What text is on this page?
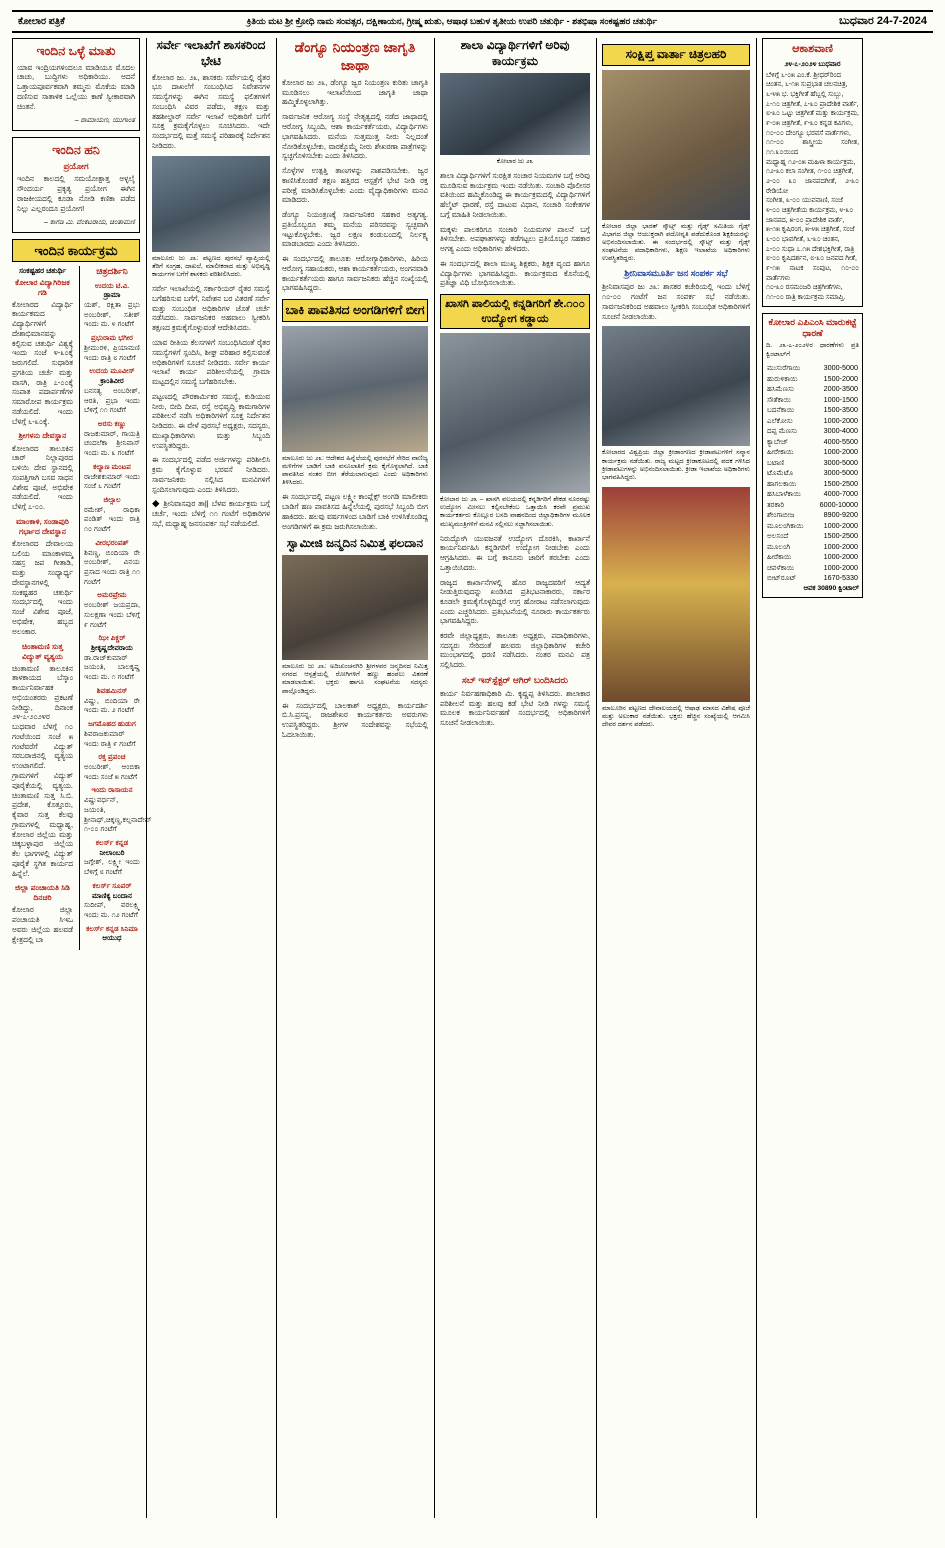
ಕೋಲಾರ ಪತ್ರಿಕೆ	ಕ್ರಿತಿಯ ಮಟ ಶ್ರೀ ಕ್ರೋಧಿ ನಾಮ ಸಂವತ್ಸರ, ದಕ್ಷಿಣಾಯನ, ಗ್ರೀಷ್ಮ ಋತು, ಆಷಾಢ ಬಹುಳ ತೃತೀಯ ಉಪರಿ ಚತುರ್ಥಿ - ಶತಭಿಷಾ ಸಂಕಷ್ಟಹರ ಚತುರ್ಥಿ	ಬುಧವಾರ 24-7-2024
ಇಂದಿನ ಒಳ್ಳೆ ಮಾತು

ಯಾವ ಇಂದ್ರಿಯಗಳಿಂದಲೂ ಮಾಡಿಯೂ ಮೊದಲ ಚಾಚು, ಬುದ್ಧಿಗಳು ಅಧಿಕಾರಿಯು. ಅದನೆ ಒತ್ತಾಯಪೂರ್ವಕವಾಗಿ ತಮ್ಮನು ಮೊಕೆಯ ಮಾಡಿ ದಣಿಸುವ ಸಾತಾಳಿಕ ಒಲ್ಲೆಯು ಕಾಣೆ ಸ್ವೀಕಾರವಾಗಿ ಚಿಂತನೆ.

– ರಾಮಾಯಣ, ಯುಗಾಂತ
ಇಂದಿನ ಹನಿ
ಪ್ರಯೋಗ

ಇಂದಿನ ಕಾಲದಲ್ಲಿ ಸಮಯೋತ್ಪಾತ್ತ ಅಳ್ಳಲೈ ಸೌಂದರ್ಯ ಪ್ರಕೃತ್ಯ ಪ್ರಯೋಗ ಈಗಿನ ರಾಜಕೀಯದಲ್ಲಿ ಕೂಡಾ ನೋಡಿ ಕಣಿಕಾ ಪಡೆದ ನಿಲ್ಲು ಎಲ್ಲರಂದೂ ಪ್ರಯೋಗ!

– ಕಾಗಡಿ ಮಿ. ವೆಂಕಟರಾಯ, ಚಿಂತಾಮಣಿ
ಇಂದಿನ ಕಾರ್ಯಕ್ರಮ
ಸಂಕಷ್ಟಹರ ಚತುರ್ಥಿ
ಕೋಲಾರ ವಿದ್ಯಾಗಿರಿಜಕ ಗಡಿ

ಕೋಲಾರದ ವಿದ್ಯಾರ್ಥಿ ಕಾರ್ಯಕಮದ ವಿದ್ಯಾರ್ಥಿಗಳಿಗೆ ದೇಶಾಭಿಮಾನವನ್ನು ಕಲ್ಪಿಸುವ ಚತುರ್ಥಿ ವಿಶ್ವಕ್ಕೆ ಇಂದು ಸಂಜೆ ೪-೩೦ಕ್ಕೆ ಜರುಗಲಿದೆ. ಸುಧಾರಿತ ಪ್ರಗತಿಯ ಚರ್ಚೆ ಮತ್ತು ವಾಸಗಿ, ರಾತ್ರಿ ೭-೦೦ಕ್ಕೆ ಸಂಪಾತ ಪದಾರ್ಪಣೆಗಳ ಸಮಾರೋಪ ಕಾರ್ಯಕ್ರಮ ನಡೆಯಲಿದೆ. ಇಂದು ಬೆಳಿಗ್ಗೆ ೬-೩೦ಕ್ಕೆ.

ಶ್ರೀಗಳನು ದೇವಸ್ಥಾನ

ಕೋಲಾರದ ತಾಲೂಕಿನ ಚಾರ್ ನಿಲ್ಲಾಪುರದ ಬಳಿಯಿ ದೇವ ಸ್ಥಾನದಲ್ಲಿ ಸಂಪತ್ತಿಗಾಗಿ ಬಸವ ಸಾಧನ ವಿಶೇಷ ಪೂಜೆ, ಅಭಿಷೇಕ ನಡೆಯಲಿದೆ. ಇಂದು ಬೆಳಿಗ್ಗೆ ೭-೦೦.

ಮಾಂಕಾಳಿ, ಸಂಡಾಪುರಿ ಗರ್ಭಾದ ದೇವಸ್ಥಾನ

ಕೋಲಾರದ ದೇವಾಲಯ ಬಲಿಯ ಮಾಂಕಾಳಮ್ಮ ಸಹಸ್ರ ಜಪ ಗೀತಾಡಿ, ಮತ್ತು ಸಂಧ್ಯಾರ್ಧ್ಯ ದೇವಸ್ಥಾನಗಳಲ್ಲಿ ಸಂಕಷ್ಟಹರ ಚತುರ್ಥಿ ಸಂದರ್ಭದಲ್ಲಿ ಇಂದು ಸಂಜೆ ವಿಶೇಷ ಪೂಜೆ, ಅಭಿಷೇಕ, ಹಬ್ಬದ ಅಲಂಕಾರ.

ಚಿಂತಾಮಣಿ ಸುತ್ತ ವಿದ್ಯುತ್ ವ್ಯತ್ಯಯ

ಚಿಂತಾಮಣಿ ತಾಲೂಕಿನ ತಾಳಕಾಯದ ಬೆಸ್ಕಾಂ ಕಾರ್ಯನಿರ್ವಾಹಕ ಅಭಿಯಂತರರು ಪ್ರಕಟಣೆ ನೀಡಿದ್ದು, ದಿನಾಂಕ ೨೪-೭-೨೦೨೪ರ ಬುಧವಾರ ಬೆಳಗ್ಗೆ ೧೦ ಗಂಟೆಯಿಂದ ಸಂಜೆ ೫ ಗಂಟೆವರೆಗೆ ವಿದ್ಯುತ್ ಸರಬರಾಜಿನಲ್ಲಿ ವ್ಯತ್ಯಯ ಉಂಟಾಗಲಿದೆ. ಗ್ರಾಮಗಳಿಗೆ ವಿದ್ಯುತ್ ಪೂರೈಕೆಯಲ್ಲಿ ವ್ಯತ್ಯಯ. ಚಿಂತಾಮಣಿ ಸುತ್ತ ಸಿ.ಬಿ. ಪ್ರದೇಶ, ಕೊತ್ತೂರು, ಕೈವಾರ ಸುತ್ತ ಕೆಲವು ಗ್ರಾಮಗಳಲ್ಲಿ ಮಧ್ಯಾಹ್ನ, ಕೋಲಾರ ಜಿಲ್ಲೆಯ ಮತ್ತು ಚಿಕ್ಕಬಳ್ಳಾಪುರ ಜಿಲ್ಲೆಯ ಕೆಲ ಭಾಗಗಳಲ್ಲಿ ವಿದ್ಯುತ್ ಪೂರೈಕೆ ಸ್ಥಗಿತ ಕಾರ್ಯದ ಹಿನ್ನೆಲೆ.

ಜಿಲ್ಲಾ ಪಂಚಾಯತಿ ಸಿಡಿ ದಿನಚರಿ

ಕೋಲಾರ ಜಿಲ್ಲಾ ಪಂಚಾಯತಿ ಸಿಇಒ ಅವರು ಜಿಲ್ಲೆಯ ಹಲವಡೆ ಕ್ಷೇತ್ರದಲ್ಲಿ ಬಾ

ಚಿತ್ರದರ್ಶಿನಿ
ಉದಯ ಟಿ.ವಿ.
ಡ್ರಾಮಾ
ಯಶ್, ರಕ್ಷಿತಾ ಪ್ರಭು ಅಂಬರೀಶ್, ಸತೀಶ್ ಇಂದು ಮ. ೪ ಗಂಟೆಗೆ
ಪ್ರಭುರಾಮ ಭಗೀರ
ಶ್ರೀಮುರಳಿ, ಪ್ರಿಯಾಮಣಿ ಇಂದು ರಾತ್ರಿ ೮ ಗಂಟೆಗೆ
ಉದಯ ಮೂವೀಸ್
ಕ್ರಾಂತಿವೀರ
ಬನಸತ್ಯ ಅಂಬರೀಶ್, ಆರತಿ, ಪ್ರಭಾ ಇಂದು ಬೆಳಿಗ್ಗೆ ೧೧ ಗಂಟೆಗೆ
ಅರಸು ಕಣ್ಣು
ರಾಜಕುಮಾರ್, ಗಾಯತ್ರಿ ಚಂದಲೆಕಾ ಶ್ರೀನಿವಾಸ್ ಇಂದು ಮ. ೩ ಗಂಟೆಗೆ
ಕಲ್ಯಾಣ ಮಂಟಪ
ರಾಜೇಶಕುಮಾರ್ ಇಂದು ಸಂಜೆ ೬ ಗಂಟೆಗೆ
ಜಿಲ್ಸಾಲ
ರಮೇಶ್, ರಾಧಿಕಾ ಪಂಡಿತ್ ಇಂದು ರಾತ್ರಿ ೧೦ ಗಂಟೆಗೆ
ವೀರಭರಂಪತ್
ಶಿವಣ್ಣ, ಬಿಂದಿಯಾ ರೇ ಅಂಬರೀಶ್, ವಿನಯ ಪ್ರಸಾದ ಇಂದು ರಾತ್ರಿ ೧೧ ಗಂಟೆಗೆ
ಅಮರಪ್ರೇಮ
ಅಂಬರೀಶ್ ಜಯಪ್ರದಾ, ಸುಲಕ್ಷಣಾ ಇಂದು ಬೆಳಿಗ್ಗೆ ೯ ಗಂಟೆಗೆ
ಝೀ ಪಿಕ್ಚರ್
ಶ್ರೀಕೃಷ್ಣದೇವರಾಯ
ಡಾ.ರಾಜ್‌ಕುಮಾರ್ ಜಯಂತಿ, ಬಾಲಕೃಷ್ಣ ಇಂದು ಮ. ೧ ಗಂಟೆಗೆ
ಶಿವಹಮಿನಸ್
ವಿಷ್ಣು, ಬಿಂದಿಯಾ ರೇ ಇಂದು ಮ. ೨ ಗಂಟೆಗೆ
ಜಗಮೊಹದ ಹುಡುಗ
ಶಿವರಾಜಕುಮಾರ್ ಇಂದು ರಾತ್ರಿ ೯ ಗಂಟೆಗೆ
ರಕ್ತ ಪ್ರಪಂಚ
ಅಂಬರೀಶ್, ಆಂಬಿಕಾ ಇಂದು ಸಂಜೆ ೫ ಗಂಟೆಗೆ
ಇಂದು ರಾಸಾಯನ
ವಿಷ್ಣುವರ್ಧನ್, ಜಯಂತಿ, ಶ್ರೀನಾಥ್,ಚಿಕ್ಕಣ್ಣ,ಕಲ್ಪನಾದೇವ್ ೧-೦೦ ಗಂಟೆಗೆ
ಕಲರ್ಸ್ ಕನ್ನಡ
ನೀಲಾಂಬರಿ
ಜಗ್ಗೇಶ್, ಲಕ್ಷ್ಮೀ ಇಂದು ಬೆಳಿಗ್ಗೆ ೮ ಗಂಟೆಗೆ
ಕಲರ್ಸ್ ಸೂಪರ್
ಮಾಣಿಕ್ಯ ಬಂದಾನ
ಸುದೀಪ್, ವರಲಕ್ಷ್ಮಿ ಇಂದು ಮ. ೧೨ ಗಂಟೆಗೆ
ಕಲರ್ಸ್ ಕನ್ನಡ ಸಿನಿಮಾ
ಆಯುಧ
ಸರ್ವೇ ಇಲಾಖೆಗೆ ಶಾಸಕರಿಂದ ಭೇಟಿ

ಕೋಲಾರ ಜು. ೨೩, ಶಾಸಕರು ಸರ್ವೇಯಲ್ಲಿ ರೈತರ ಭೂ ದಾಖಲೆಗೆ ಸಂಬಂಧಿಸಿದ ನಿವೇಶನಗಳ ಸಮಸ್ಯೆಗಳನ್ನು ಈಗಿನ ಸಮಸ್ಯೆ ಫಲಿತಗಳಿಗೆ ಸಂಬಂಧಿಸಿ ವಿವರ ಪಡೆದು, ತಕ್ಷಣ ಮತ್ತು ತಹಶೀಲ್ದಾರ್ ಸರ್ವೇ ಇಲಾಖೆ ಅಧಿಕಾರಿಗೆ ಬಗೆಗೆ ಸೂಕ್ತ ಕ್ರಮಕೈಗೊಳ್ಳಲು ಸೂಚಿಸಿದರು. ಇದೇ ಸಂದರ್ಭದಲ್ಲಿ ಮತ್ತೆ ಸಮಸ್ಯೆ ಪರಿಹಾರಕ್ಕೆ ನಿರ್ದೇಶನ ನೀಡಿದರು.

ಮಾಲೂರು ಜು ೨೩: ಪಟ್ಟಣದ ಪುರಸಭೆ ವ್ಯಾಪ್ತಿಯಲ್ಲಿ ತೆರಿಗೆ ಸಂಗ್ರಹ, ದಾಖಲೆ, ಮಾಲೀಕರಾದ ಮತ್ತು ಅಭಿವೃದ್ಧಿ ಕಾರ್ಯಗಳ ಬಗೆಗೆ ಶಾಸಕರು ಪರಿಶೀಲಿಸಿದರು.

ಸರ್ವೇ ಇಲಾಖೆಯಲ್ಲಿ ಸರ್ಕಾರಿಯರ್ ರೈತರ ಸಮಸ್ಯೆ ಬಗೆಹರಿಸುವ ಬಗೆಗೆ, ನಿವೇಶನ ಬರ ವಿತರಣೆ ಸರ್ವೇ ಮತ್ತು ಸಂಬಂಧಿತ ಅಧಿಕಾರಿಗಳ ಜೊತೆ ಚರ್ಚೆ ನಡೆಸಿದರು. ಸಾರ್ವಜನಿಕರ ಅಹವಾಲು ಸ್ವೀಕರಿಸಿ ತಕ್ಷಣದ ಕ್ರಮಕೈಗೊಳ್ಳುವಂತೆ ಆದೇಶಿಸಿದರು.

ಯಾವ ರೀತಿಯ ಕೆಲಸಗಳಿಗೆ ಸಂಬಂಧಿಸಿದಂತೆ ರೈತರ ಸಮಸ್ಯೆಗಳಿಗೆ ಸ್ಪಂದಿಸಿ, ಶೀಘ್ರ ಪರಿಹಾರ ಕಲ್ಪಿಸುವಂತೆ ಅಧಿಕಾರಿಗಳಿಗೆ ಸೂಚನೆ ನೀಡಿದರು. ಸರ್ವೇ ಕಾರ್ಯ ಇಲಾಖೆ ಕಾರ್ಯ ಪರಿಶೀಲನೆಯಲ್ಲಿ ಗ್ರಾಮಾ ಮಟ್ಟದಲ್ಲಿನ ಸಮಸ್ಯೆ ಬಗೆಹರಿಸಬೇಕು.

ಪಟ್ಟಣದಲ್ಲಿ ಪೌರಕಾರ್ಮಿಕರ ಸಮಸ್ಯೆ, ಕುಡಿಯುವ ನೀರು, ಬೀದಿ ದೀಪ, ರಸ್ತೆ ಅಭಿವೃದ್ಧಿ ಕಾಮಗಾರಿಗಳ ಪರಿಶೀಲನೆ ನಡೆಸಿ ಅಧಿಕಾರಿಗಳಿಗೆ ಸೂಕ್ತ ನಿರ್ದೇಶನ ನೀಡಿದರು. ಈ ವೇಳೆ ಪುರಸಭೆ ಅಧ್ಯಕ್ಷರು, ಸದಸ್ಯರು, ಮುಖ್ಯಾಧಿಕಾರಿಗಳು ಮತ್ತು ಸಿಬ್ಬಂದಿ ಉಪಸ್ಥಿತರಿದ್ದರು.

ಈ ಸಂದರ್ಭದಲ್ಲಿ ಪಡೆದ ಅರ್ಜಿಗಳನ್ನು ಪರಿಶೀಲಿಸಿ ಕ್ರಮ ಕೈಗೊಳ್ಳುವ ಭರವಸೆ ನೀಡಿದರು. ಸಾರ್ವಜನಿಕರು ಸಲ್ಲಿಸಿದ ಮನವಿಗಳಿಗೆ ಸ್ಪಂದಿಸಲಾಗುವುದು ಎಂದು ತಿಳಿಸಿದರು.

◆ ಶ್ರೀನಿವಾಸಪುರ ತಾ|| ಬೆಳವ ಕಾರ್ಯಕ್ರಮ ಬಗ್ಗೆ ಚರ್ಚೆ, ಇಂದು ಬೆಳಿಗ್ಗೆ ೧೧ ಗಂಟೆಗೆ ಅಧಿಕಾರಿಗಳ ಸಭೆ, ಮಧ್ಯಾಹ್ನ ಜನಸಂಪರ್ಕ ಸಭೆ ನಡೆಯಲಿದೆ.

ಡೆಂಗ್ಯೂ ನಿಯಂತ್ರಣ ಜಾಗೃತಿ ಜಾಥಾ

ಕೋಲಾರ ಜು ೨೩, ಡೆಂಗ್ಯೂ ಜ್ವರ ನಿಯಂತ್ರಣ ಕುರಿತು ಜಾಗೃತಿ ಮೂಡಿಸಲು ಇಲಾಖೆಯಿಂದ ಜಾಗೃತಿ ಜಾಥಾ ಹಮ್ಮಿಕೊಳ್ಳಲಾಗಿತ್ತು.

ಸಾರ್ವಜನಿಕ ಆರೋಗ್ಯ ಸಂಸ್ಥೆ ನೇತೃತ್ವದಲ್ಲಿ ನಡೆದ ಜಾಥಾದಲ್ಲಿ ಆರೋಗ್ಯ ಸಿಬ್ಬಂದಿ, ಆಶಾ ಕಾರ್ಯಕರ್ತೆಯರು, ವಿದ್ಯಾರ್ಥಿಗಳು ಭಾಗವಹಿಸಿದರು. ಮನೆಯ ಸುತ್ತಮುತ್ತ ನೀರು ನಿಲ್ಲದಂತೆ ನೋಡಿಕೊಳ್ಳಬೇಕು, ವಾರಕ್ಕೊಮ್ಮೆ ನೀರು ಶೇಖರಣಾ ಪಾತ್ರೆಗಳನ್ನು ಸ್ವಚ್ಛಗೊಳಿಸಬೇಕು ಎಂದು ತಿಳಿಸಿದರು.

ಸೊಳ್ಳೆಗಳ ಉತ್ಪತ್ತಿ ತಾಣಗಳನ್ನು ನಾಶಪಡಿಸಬೇಕು. ಜ್ವರ ಕಾಣಿಸಿಕೊಂಡರೆ ತಕ್ಷಣ ಹತ್ತಿರದ ಆಸ್ಪತ್ರೆಗೆ ಭೇಟಿ ನೀಡಿ ರಕ್ತ ಪರೀಕ್ಷೆ ಮಾಡಿಸಿಕೊಳ್ಳಬೇಕು ಎಂದು ವೈದ್ಯಾಧಿಕಾರಿಗಳು ಮನವಿ ಮಾಡಿದರು.

ಡೆಂಗ್ಯೂ ನಿಯಂತ್ರಣಕ್ಕೆ ಸಾರ್ವಜನಿಕರ ಸಹಕಾರ ಅತ್ಯಗತ್ಯ. ಪ್ರತಿಯೊಬ್ಬರೂ ತಮ್ಮ ಮನೆಯ ಪರಿಸರವನ್ನು ಸ್ವಚ್ಛವಾಗಿ ಇಟ್ಟುಕೊಳ್ಳಬೇಕು. ಜ್ವರ ಲಕ್ಷಣ ಕಂಡುಬಂದಲ್ಲಿ ನಿರ್ಲಕ್ಷ್ಯ ಮಾಡಬಾರದು ಎಂದು ತಿಳಿಸಿದರು.

ಈ ಸಂದರ್ಭದಲ್ಲಿ ತಾಲೂಕು ಆರೋಗ್ಯಾಧಿಕಾರಿಗಳು, ಹಿರಿಯ ಆರೋಗ್ಯ ಸಹಾಯಕರು, ಆಶಾ ಕಾರ್ಯಕರ್ತೆಯರು, ಅಂಗನವಾಡಿ ಕಾರ್ಯಕರ್ತೆಯರು ಹಾಗೂ ಸಾರ್ವಜನಿಕರು ಹೆಚ್ಚಿನ ಸಂಖ್ಯೆಯಲ್ಲಿ ಭಾಗವಹಿಸಿದ್ದರು.

ಬಾಕಿ ಪಾವತಿಸದ ಅಂಗಡಿಗಳಿಗೆ ಬೀಗ
ಮಾಲೂರು ಜು ೨೩: ಆದೇಶದ ಹಿನ್ನೆಲೆಯಲ್ಲಿ ಪುರಸಭೆಗೆ ಸೇರಿದ ವಾಣಿಜ್ಯ ಮಳಿಗೆಗಳ ಬಾಡಿಗೆ ಬಾಕಿ ವಸೂಲಾತಿಗೆ ಕ್ರಮ ಕೈಗೊಳ್ಳಲಾಗಿದೆ. ಬಾಕಿ ಪಾವತಿಸಿದ ನಂತರ ಬೀಗ ತೆರೆಯಲಾಗುವುದು ಎಂದು ಅಧಿಕಾರಿಗಳು ತಿಳಿಸಿದರು.

ಈ ಸಂದರ್ಭದಲ್ಲಿ ಪಟ್ಟಣ ಲಕ್ಷ್ಮೀ ಕಾಂಪ್ಲೆಕ್ಸ್ ಅಂಗಡಿ ಮಾಲೀಕರು ಬಾಡಿಗೆ ಹಣ ಪಾವತಿಸದ ಹಿನ್ನೆಲೆಯಲ್ಲಿ ಪುರಸಭೆ ಸಿಬ್ಬಂದಿ ಬೀಗ ಹಾಕಿದರು. ಹಲವು ವರ್ಷಗಳಿಂದ ಬಾಡಿಗೆ ಬಾಕಿ ಉಳಿಸಿಕೊಂಡಿದ್ದ ಅಂಗಡಿಗಳಿಗೆ ಈ ಕ್ರಮ ಜರುಗಿಸಲಾಯಿತು.

ಸ್ವಾಮೀಜಿ ಜನ್ಮದಿನ ನಿಮಿತ್ತ ಫಲದಾನ
ಮಾಲೂರು ಜು ೨೩: ಅದಿಚುಂಚನಗಿರಿ ಶ್ರೀಗಳವರ ಜನ್ಮದಿನದ ನಿಮಿತ್ತ ನಗರದ ಆಸ್ಪತ್ರೆಯಲ್ಲಿ ರೋಗಿಗಳಿಗೆ ಹಣ್ಣು ಹಂಪಲು ವಿತರಣೆ ಮಾಡಲಾಯಿತು. ಭಕ್ತರು ಹಾಗೂ ಸಂಘಟನೆಯ ಸದಸ್ಯರು ಪಾಲ್ಗೊಂಡಿದ್ದರು.

ಈ ಸಂದರ್ಭದಲ್ಲಿ ಬಾಲಕಾಶ್ ಅಧ್ಯಕ್ಷರು, ಕಾರ್ಯದರ್ಶಿ ಬಿ.ಸಿ.ಪ್ರಸನ್ನ, ರಾಜಶೇಖರ ಕಾರ್ಯಕರ್ತರು ಅವರುಗಳು ಉಪಸ್ಥಿತರಿದ್ದರು. ಶ್ರೀಗಳ ಸಂದೇಶವನ್ನು ಸಭೆಯಲ್ಲಿ ಓದಲಾಯಿತು.

ಶಾಲಾ ವಿದ್ಯಾರ್ಥಿಗಳಿಗೆ ಅರಿವು ಕಾರ್ಯಕ್ರಮ
ಕೋಲಾರ ಜು ೨೩

ಶಾಲಾ ವಿದ್ಯಾರ್ಥಿಗಳಿಗೆ ಸುರಕ್ಷಿತ ಸಂಚಾರ ನಿಯಮಗಳ ಬಗ್ಗೆ ಅರಿವು ಮೂಡಿಸುವ ಕಾರ್ಯಕ್ರಮ ಇಂದು ನಡೆಯಿತು. ಸಂಚಾರಿ ಪೊಲೀಸರ ವತಿಯಿಂದ ಹಮ್ಮಿಕೊಂಡಿದ್ದ ಈ ಕಾರ್ಯಕ್ರಮದಲ್ಲಿ ವಿದ್ಯಾರ್ಥಿಗಳಿಗೆ ಹೆಲ್ಮೆಟ್ ಧಾರಣೆ, ರಸ್ತೆ ದಾಟುವ ವಿಧಾನ, ಸಂಚಾರಿ ಸಂಕೇತಗಳ ಬಗ್ಗೆ ಮಾಹಿತಿ ನೀಡಲಾಯಿತು.

ಮಕ್ಕಳು ಪಾಲಕರಿಗೂ ಸಂಚಾರಿ ನಿಯಮಗಳ ಪಾಲನೆ ಬಗ್ಗೆ ತಿಳಿಸಬೇಕು. ಅಪಘಾತಗಳನ್ನು ತಡೆಗಟ್ಟಲು ಪ್ರತಿಯೊಬ್ಬರ ಸಹಕಾರ ಅಗತ್ಯ ಎಂದು ಅಧಿಕಾರಿಗಳು ಹೇಳಿದರು.

ಈ ಸಂದರ್ಭದಲ್ಲಿ ಶಾಲಾ ಮುಖ್ಯ ಶಿಕ್ಷಕರು, ಶಿಕ್ಷಕ ವೃಂದ ಹಾಗೂ ವಿದ್ಯಾರ್ಥಿಗಳು ಭಾಗವಹಿಸಿದ್ದರು. ಕಾರ್ಯಕ್ರಮದ ಕೊನೆಯಲ್ಲಿ ಪ್ರತಿಜ್ಞಾ ವಿಧಿ ಬೋಧಿಸಲಾಯಿತು.

ಖಾಸಗಿ ಪಾಲಿಯಲ್ಲಿ ಕನ್ನಡಿಗರಿಗೆ ಶೇ.೧೦೦ ಉದ್ಯೋಗ ಕಡ್ಡಾಯ
ಕೋಲಾರ ಜು ೨೩ – ಖಾಸಗಿ ವಲಯದಲ್ಲಿ ಕನ್ನಡಿಗರಿಗೆ ಶೇಕಡ ನೂರರಷ್ಟು ಉದ್ಯೋಗ ಮೀಸಲು ಕಲ್ಪಿಸಬೇಕೆಂಬ ಒತ್ತಾಯಿಸಿ ಕರವೇ ಪ್ರಮುಖ ಕಾರ್ಯಕರ್ತರು ಕೊಲ್ಲೂರ ಬಸದಿ ವಾಹನದಿಂದ ಜಿಲ್ಲಾಧಿಕಾರಿಗಳ ಮೂಲಕ ಮುಖ್ಯಮಂತ್ರಿಗಳಿಗೆ ಮನವಿ ಸಲ್ಲಿಸಲು ಸಜ್ಜಾಗಿಸಲಾಯಿತು.

ನಿರುದ್ಯೋಗಿ ಯುವಜನತೆ ಉದ್ಯೋಗ ದೊರಕಿಸಿ, ಕಾರ್ಖಾನೆ ಕಾರ್ಯನಿರ್ವಹಿಸಿ ಕನ್ನಡಿಗರಿಗೆ ಉದ್ಯೋಗ ನೀಡಬೇಕು ಎಂದು ಆಗ್ರಹಿಸಿದರು. ಈ ಬಗ್ಗೆ ಕಾನೂನು ಜಾರಿಗೆ ತರಬೇಕು ಎಂದು ಒತ್ತಾಯಿಸಿದರು.

ರಾಜ್ಯದ ಕಾರ್ಖಾನೆಗಳಲ್ಲಿ ಹೊರ ರಾಜ್ಯದವರಿಗೆ ಆದ್ಯತೆ ನೀಡುತ್ತಿರುವುದನ್ನು ಖಂಡಿಸಿದ ಪ್ರತಿಭಟನಾಕಾರರು, ಸರ್ಕಾರ ಕೂಡಲೇ ಕ್ರಮಕೈಗೊಳ್ಳದಿದ್ದರೆ ಉಗ್ರ ಹೋರಾಟ ನಡೆಸಲಾಗುವುದು ಎಂದು ಎಚ್ಚರಿಸಿದರು. ಪ್ರತಿಭಟನೆಯಲ್ಲಿ ನೂರಾರು ಕಾರ್ಯಕರ್ತರು ಭಾಗವಹಿಸಿದ್ದರು.

ಕರವೇ ಜಿಲ್ಲಾಧ್ಯಕ್ಷರು, ತಾಲೂಕು ಅಧ್ಯಕ್ಷರು, ಪದಾಧಿಕಾರಿಗಳು, ಸದಸ್ಯರು ಸೇರಿದಂತೆ ಹಲವರು ಜಿಲ್ಲಾಧಿಕಾರಿಗಳ ಕಚೇರಿ ಮುಂಭಾಗದಲ್ಲಿ ಧರಣಿ ನಡೆಸಿದರು. ನಂತರ ಮನವಿ ಪತ್ರ ಸಲ್ಲಿಸಿದರು.

ಸಬ್ ಇನ್‌ಸ್ಪೆಕ್ಟರ್ ಆಗಿರ್ ಬಂದಿಸಿದರು

ಕಾರ್ಯ ನಿರ್ವಹಣಾಧಿಕಾರಿ ಮಿ. ಕೃಷ್ಣಪ್ಪ ತಿಳಿಸಿದರು. ಶಾಲಾಕಾರ ಪರಿಶೀಲನೆ ಮತ್ತು ಹಲವು ಕಡೆ ಭೇಟಿ ನೀಡಿ ಗಳನ್ನು ಸಮಸ್ಯೆ ಮೂಲಕ ಕಾರ್ಯನಿರ್ವಹಣೆ ಸಂದರ್ಭದಲ್ಲಿ ಅಧಿಕಾರಿಗಳಿಗೆ ಸೂಚನೆ ನೀಡಲಾಯಿತು.

ಸಂಕ್ಷಿಪ್ತ ವಾರ್ತಾ ಚಿತ್ರಲಹರಿ
ಕೋಲಾರ ಜಿಲ್ಲಾ ಭಾರತ್ ಸ್ಕೌಟ್ಸ್ ಮತ್ತು ಗೈಡ್ಸ್ ಸಮಿತಿಯ ಗೈಡ್ಸ್ ವಿಭಾಗದ ಜಿಲ್ಲಾ ಆಯುಕ್ತರಾಗಿ ಪದೋನ್ನತಿ ಪಡೆದುಕೊಂಡ ಶಿಕ್ಷಕಿಯರನ್ನು ಅಭಿನಂದಿಸಲಾಯಿತು. ಈ ಸಂದರ್ಭದಲ್ಲಿ ಸ್ಕೌಟ್ಸ್ ಮತ್ತು ಗೈಡ್ಸ್ ಸಂಘಟನೆಯ ಪದಾಧಿಕಾರಿಗಳು, ಶಿಕ್ಷಣ ಇಲಾಖೆಯ ಅಧಿಕಾರಿಗಳು ಉಪಸ್ಥಿತರಿದ್ದರು.
ಶ್ರೀನಿವಾಸಮೂರ್ತಿ ಜನ ಸಂಪರ್ಕ ಸಭೆ

ಶ್ರೀನಿವಾಸಪುರ ಜು ೨೩: ಶಾಸಕರ ಕಚೇರಿಯಲ್ಲಿ ಇಂದು ಬೆಳಿಗ್ಗೆ ೧೦-೦೦ ಗಂಟೆಗೆ ಜನ ಸಂಪರ್ಕ ಸಭೆ ನಡೆಯಿತು. ಸಾರ್ವಜನಿಕರಿಂದ ಅಹವಾಲು ಸ್ವೀಕರಿಸಿ ಸಂಬಂಧಿತ ಅಧಿಕಾರಿಗಳಿಗೆ ಸೂಚನೆ ನೀಡಲಾಯಿತು.

ಕೋಲಾರದ ವಿಶ್ವಪ್ರಿಯ ಜಿಲ್ಲಾ ಕ್ರೀಡಾಂಗಣದ ಕ್ರೀಡಾಪಟುಗಳಿಗೆ ಸನ್ಮಾನ ಕಾರ್ಯಕ್ರಮ ನಡೆಯಿತು. ರಾಜ್ಯ ಮಟ್ಟದ ಕ್ರೀಡಾಕೂಟದಲ್ಲಿ ಪದಕ ಗಳಿಸಿದ ಕ್ರೀಡಾಪಟುಗಳನ್ನು ಅಭಿನಂದಿಸಲಾಯಿತು. ಕ್ರೀಡಾ ಇಲಾಖೆಯ ಅಧಿಕಾರಿಗಳು ಭಾಗವಹಿಸಿದ್ದರು.
ಮಾಲೂರಿನ ಪಟ್ಟಣದ ದೇವಾಲಯದಲ್ಲಿ ಆಷಾಢ ಮಾಸದ ವಿಶೇಷ ಪೂಜೆ ಮತ್ತು ಅಲಂಕಾರ ನಡೆಯಿತು. ಭಕ್ತರು ಹೆಚ್ಚಿನ ಸಂಖ್ಯೆಯಲ್ಲಿ ಆಗಮಿಸಿ ದೇವರ ದರ್ಶನ ಪಡೆದರು.
ಆಕಾಶವಾಣಿ
೨೪-೭-೨೦೨೪ ಬುಧವಾರ
ಬೆಳಿಗ್ಗೆ ೬-೦೫ ಎಂ.ಕೆ. ಶ್ರೀಧರ್‌ರಿಂದ
ಚಿಂತನ, ೬-೧೫ ಸುಪ್ರಭಾತ ಚಲನಚಿತ್ರ,
೬-೪೫ ಭ. ಭಕ್ತಿಗೀತೆ ಹೆಬ್ಬಲ್ಲಿ ಸುಬ್ಬು,
೭-೧೦ ಚಿತ್ರಗೀತೆ, ೭-೩೦ ಪ್ರಾದೇಶಿಕ ವಾರ್ತೆ,
೮-೩೦ ಒಟ್ಟು ಚಿತ್ರಗೀತೆ ಮತ್ತು ಕಾರ್ಯಕ್ರಮ,
೯-೦೫ ಚಿತ್ರಗೀತೆ, ೯-೩೦ ಕನ್ನಡ ಕವಿಗಳು,
೧೦-೦೦ ದೇಂಗ್ಯೂ ಭರವಸೆ ವಾರ್ತೆಗಳು,
೧೧-೦೦ ಶಾಸ್ತ್ರೀಯ ಸಂಗೀತ, ೧೧.೩೦ಯಿಂದ
ಮಧ್ಯಾಹ್ನ ೧೨-೦೫ ಮಹಿಳಾ ಕಾರ್ಯಕ್ರಮ,
೧೨-೩೦ ಕಲಾ ಸಂಗೀತ, ೧-೦೦ ಚಿತ್ರಗೀತೆ,
೨-೦೦ ೩೦ ಜಾನಪದಗೀತೆ, ೨-೩೦ ರೇಡಿಯೋ
ಸಂಗೀತ, ೩-೦೦ ಯುವವಾಣಿ, ಸಂಜೆ
೪-೦೦ ಚಿತ್ರಗೀತೆಯ ಕಾರ್ಯಕ್ರಮ, ೪-೩೦
ಜಾನಪದ, ೫-೦೦ ಪ್ರಾದೇಶಿಕ ವಾರ್ತೆ,
೫-೧೫ ಕೃಷಿರಂಗ, ೫-೪೫ ಚಿತ್ರಗೀತೆ, ಸಂಜೆ
೬-೦೦ ಭಾವಗೀತೆ, ೬-೩೦ ಚಿಂತನ,
೭-೦೦ ಸುಧಾ ೭.೧೫ ದೇಶಭಕ್ತಿಗೀತೆ, ರಾತ್ರಿ
೮-೦೦ ಕೃಷಿದರ್ಶನ, ೮-೩೦ ಜನಪದ ಗೀತೆ,
೯-೧೫ ನಾಟಕ ಸಂಪುಟ, ೧೦-೦೦ ವಾರ್ತೆಗಳು
೧೦-೩೦ ರಸಮಂಜರಿ ಚಿತ್ರಗೀತೆಗಳು,
೧೧-೦೦ ರಾತ್ರಿ ಕಾರ್ಯಕ್ರಮ ಸಮಾಪ್ತಿ.
ಕೋಲಾರ ಎಪಿಎಂಸಿ ಮಾರುಕಟ್ಟೆ ಧಾರಣೆ
ದಿ. ೨೩-೭-೨೦೨೪ರ ಧಾರಣೆಗಳು ಪ್ರತಿ ಕ್ವಿಂಟಾಲ್‌ಗೆ
ಮುಸುರೆಗಾಯಿ	3000-5000
ಹುರುಳಿಕಾಯಿ	1500-2000
ಹಸಿಮೆಣಸು	2000-3500
ಸೌತೆಕಾಯಿ	1000-1500
ಬದನೆಕಾಯಿ	1500-3500
ಎಲೆಕೋಸು	1000-2000
ದಪ್ಪ ಮೆಣಸು	3000-4000
ಕ್ಯಾಬೇಜ್	4000-5500
ಹೀರೇಕಾಯಿ	1000-2000
ಬಟಾಣಿ	3000-5000
ಟೊಮೆಟೊ	3000-5000
ಹಾಗಲಕಾಯಿ	1500-2500
ಹಸಿಬಾಳೆಕಾಯಿ	4000-7000
ತರಕಾರಿ	6000-10000
ಶೇಂಗಾಬೀಜ	8900-9200
ಮೂಲಂಗಿಕಾಯಿ	1000-2000
ಅಲಸಂದೆ	1500-2500
ಮೂಲಂಗಿ	1000-2000
ಹೀರೆಕಾಯಿ	1000-2000
ಚವಳೆಕಾಯಿ	1000-2000
ಬೀಟ್‌ರೂಟ್	1670-5330
ಆವಕ 30890 ಕ್ವಿಂಟಾಲ್
